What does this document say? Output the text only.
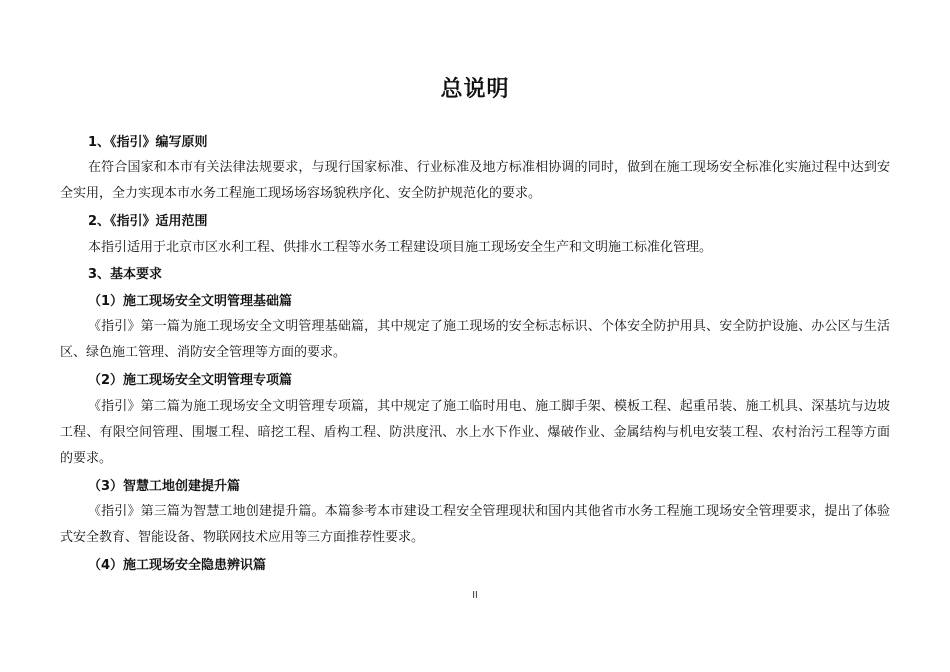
总说明
1、《指引》编写原则
在符合国家和本市有关法律法规要求，与现行国家标准、行业标准及地方标准相协调的同时，做到在施工现场安全标准化实施过程中达到安全实用，全力实现本市水务工程施工现场场容场貌秩序化、安全防护规范化的要求。
2、《指引》适用范围
本指引适用于北京市区水利工程、供排水工程等水务工程建设项目施工现场安全生产和文明施工标准化管理。
3、基本要求
（1）施工现场安全文明管理基础篇
《指引》第一篇为施工现场安全文明管理基础篇，其中规定了施工现场的安全标志标识、个体安全防护用具、安全防护设施、办公区与生活区、绿色施工管理、消防安全管理等方面的要求。
（2）施工现场安全文明管理专项篇
《指引》第二篇为施工现场安全文明管理专项篇，其中规定了施工临时用电、施工脚手架、模板工程、起重吊装、施工机具、深基坑与边坡工程、有限空间管理、围堰工程、暗挖工程、盾构工程、防洪度汛、水上水下作业、爆破作业、金属结构与机电安装工程、农村治污工程等方面的要求。
（3）智慧工地创建提升篇
《指引》第三篇为智慧工地创建提升篇。本篇参考本市建设工程安全管理现状和国内其他省市水务工程施工现场安全管理要求，提出了体验式安全教育、智能设备、物联网技术应用等三方面推荐性要求。
（4）施工现场安全隐患辨识篇
II
